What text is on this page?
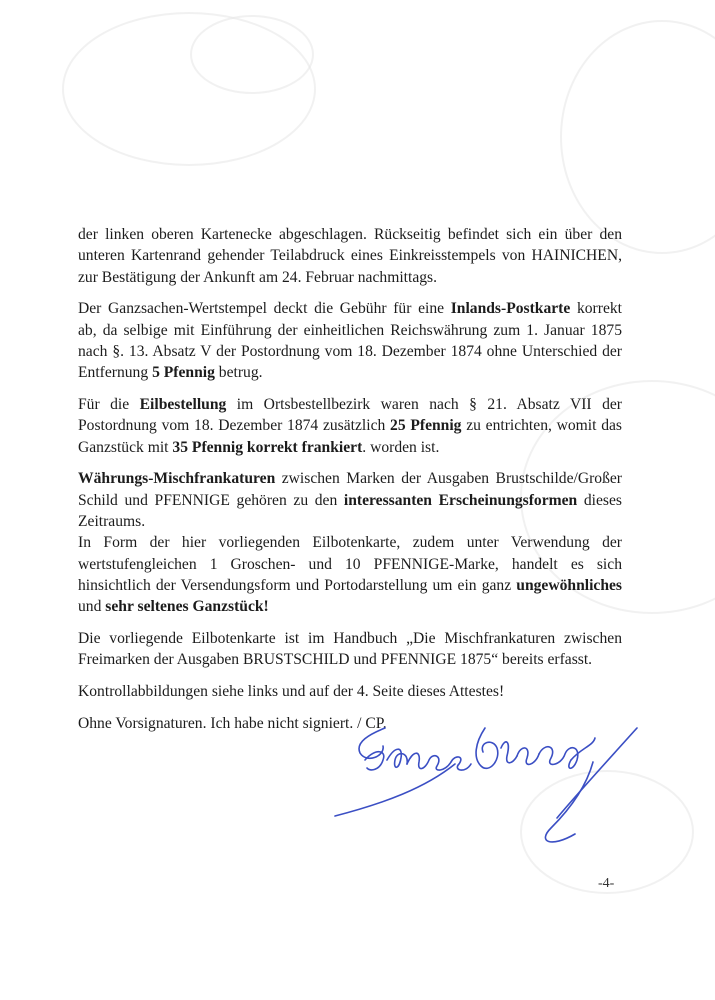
der linken oberen Kartenecke abgeschlagen. Rückseitig befindet sich ein über den unteren Kartenrand gehender Teilabdruck eines Einkreisstempels von HAINICHEN, zur Bestätigung der Ankunft am 24. Februar nachmittags.

Der Ganzsachen-Wertstempel deckt die Gebühr für eine Inlands-Postkarte korrekt ab, da selbige mit Einführung der einheitlichen Reichswährung zum 1. Januar 1875 nach §. 13. Absatz V der Postordnung vom 18. Dezember 1874 ohne Unterschied der Entfernung 5 Pfennig betrug.

Für die Eilbestellung im Ortsbestellbezirk waren nach § 21. Absatz VII der Postordnung vom 18. Dezember 1874 zusätzlich 25 Pfennig zu entrichten, womit das Ganzstück mit 35 Pfennig korrekt frankiert. worden ist.

Währungs-Mischfrankaturen zwischen Marken der Ausgaben Brustschilde/Großer Schild und PFENNIGE gehören zu den interessanten Erscheinungsformen dieses Zeitraums.

In Form der hier vorliegenden Eilbotenkarte, zudem unter Verwendung der wertstufengleichen 1 Groschen- und 10 PFENNIGE-Marke, handelt es sich hinsichtlich der Versendungsform und Portodarstellung um ein ganz ungewöhnliches und sehr seltenes Ganzstück!

Die vorliegende Eilbotenkarte ist im Handbuch „Die Mischfrankaturen zwischen Freimarken der Ausgaben BRUSTSCHILD und PFENNIGE 1875“ bereits erfasst.

Kontrollabbildungen siehe links und auf der 4. Seite dieses Attestes!

Ohne Vorsignaturen. Ich habe nicht signiert. / CP.

-4-
